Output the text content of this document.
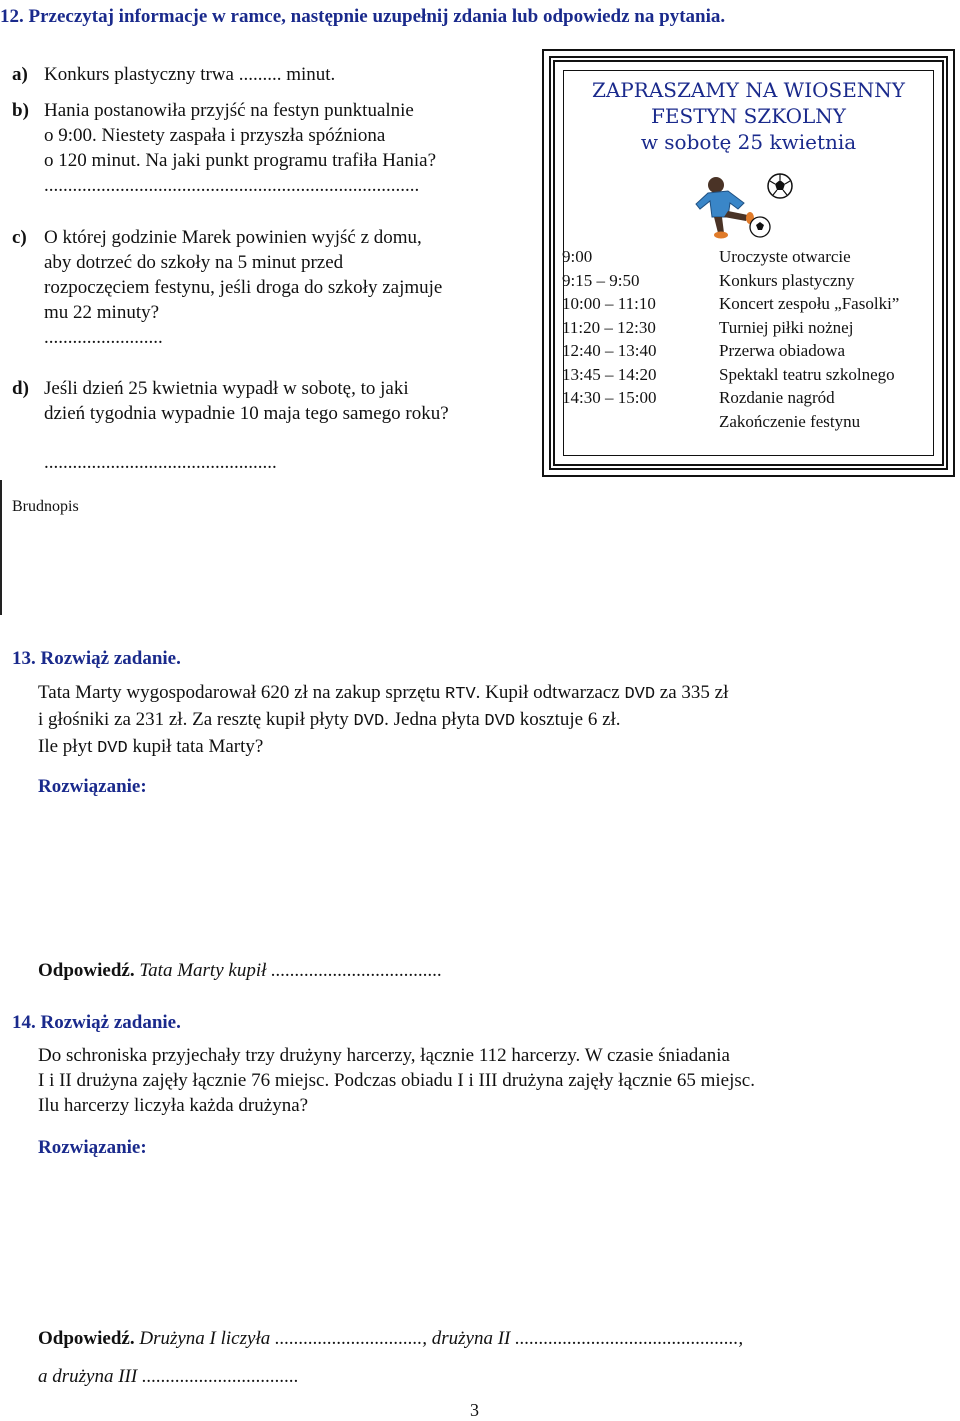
12. Przeczytaj informacje w ramce, następnie uzupełnij zdania lub odpowiedz na pytania.
a) Konkurs plastyczny trwa ......... minut.
b) Hania postanowiła przyjść na festyn punktualnie
o 9:00. Niestety zaspała i przyszła spóźniona
o 120 minut. Na jaki punkt programu trafiła Hania?
...............................................................................
c) O której godzinie Marek powinien wyjść z domu,
aby dotrzeć do szkoły na 5 minut przed
rozpoczęciem festynu, jeśli droga do szkoły zajmuje
mu 22 minuty?
.........................
d) Jeśli dzień 25 kwietnia wypadł w sobotę, to jaki
dzień tygodnia wypadnie 10 maja tego samego roku?
.................................................
Brudnopis
ZAPRASZAMY NA WIOSENNY
FESTYN SZKOLNY
w sobotę 25 kwietnia
9:00	Uroczyste otwarcie
9:15 – 9:50	Konkurs plastyczny
10:00 – 11:10	Koncert zespołu „Fasolki”
11:20 – 12:30	Turniej piłki nożnej
12:40 – 13:40	Przerwa obiadowa
13:45 – 14:20	Spektakl teatru szkolnego
14:30 – 15:00	Rozdanie nagród
Zakończenie festynu
13. Rozwiąż zadanie.
Tata Marty wygospodarował 620 zł na zakup sprzętu RTV. Kupił odtwarzacz DVD za 335 zł
i głośniki za 231 zł. Za resztę kupił płyty DVD. Jedna płyta DVD kosztuje 6 zł.
Ile płyt DVD kupił tata Marty?
Rozwiązanie:
Odpowiedź. Tata Marty kupił ....................................
14. Rozwiąż zadanie.
Do schroniska przyjechały trzy drużyny harcerzy, łącznie 112 harcerzy. W czasie śniadania
I i II drużyna zajęły łącznie 76 miejsc. Podczas obiadu I i III drużyna zajęły łącznie 65 miejsc.
Ilu harcerzy liczyła każda drużyna?
Rozwiązanie:
Odpowiedź. Drużyna I liczyła ..............................., drużyna II ...............................................,
a drużyna III .................................
3
